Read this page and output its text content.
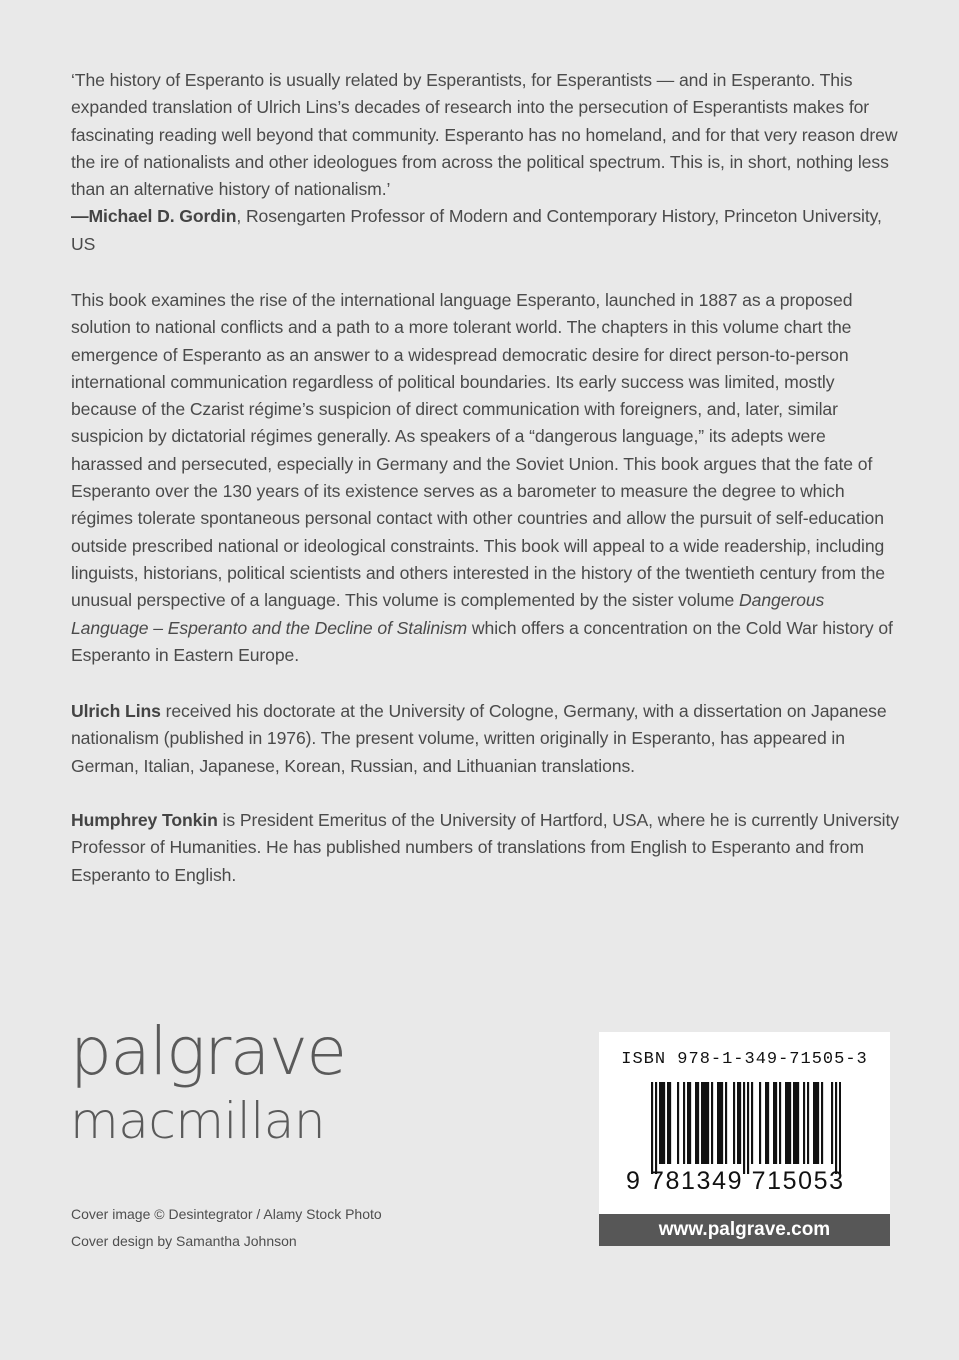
‘The history of Esperanto is usually related by Esperantists, for Esperantists — and in Esperanto. This expanded translation of Ulrich Lins’s decades of research into the persecution of Esperantists makes for fascinating reading well beyond that community. Esperanto has no homeland, and for that very reason drew the ire of nationalists and other ideologues from across the political spectrum. This is, in short, nothing less than an alternative history of nationalism.’
—Michael D. Gordin, Rosengarten Professor of Modern and Contemporary History, Princeton University, US

This book examines the rise of the international language Esperanto, launched in 1887 as a proposed solution to national conflicts and a path to a more tolerant world. The chapters in this volume chart the emergence of Esperanto as an answer to a widespread democratic desire for direct person-to-person international communication regardless of political boundaries. Its early success was limited, mostly because of the Czarist régime’s suspicion of direct communication with foreigners, and, later, similar suspicion by dictatorial régimes generally. As speakers of a “dangerous language,” its adepts were harassed and persecuted, especially in Germany and the Soviet Union. This book argues that the fate of Esperanto over the 130 years of its existence serves as a barometer to measure the degree to which régimes tolerate spontaneous personal contact with other countries and allow the pursuit of self-education outside prescribed national or ideological constraints. This book will appeal to a wide readership, including linguists, historians, political scientists and others interested in the history of the twentieth century from the unusual perspective of a language. This volume is complemented by the sister volume Dangerous Language – Esperanto and the Decline of Stalinism which offers a concentration on the Cold War history of Esperanto in Eastern Europe.

Ulrich Lins received his doctorate at the University of Cologne, Germany, with a dissertation on Japanese nationalism (published in 1976). The present volume, written originally in Esperanto, has appeared in German, Italian, Japanese, Korean, Russian, and Lithuanian translations.

Humphrey Tonkin is President Emeritus of the University of Hartford, USA, where he is currently University Professor of Humanities. He has published numbers of translations from English to Esperanto and from Esperanto to English.

palgrave
macmillan
Cover image © Desintegrator / Alamy Stock Photo
Cover design by Samantha Johnson
ISBN 978-1-349-71505-3
9 781349 715053
www.palgrave.com
